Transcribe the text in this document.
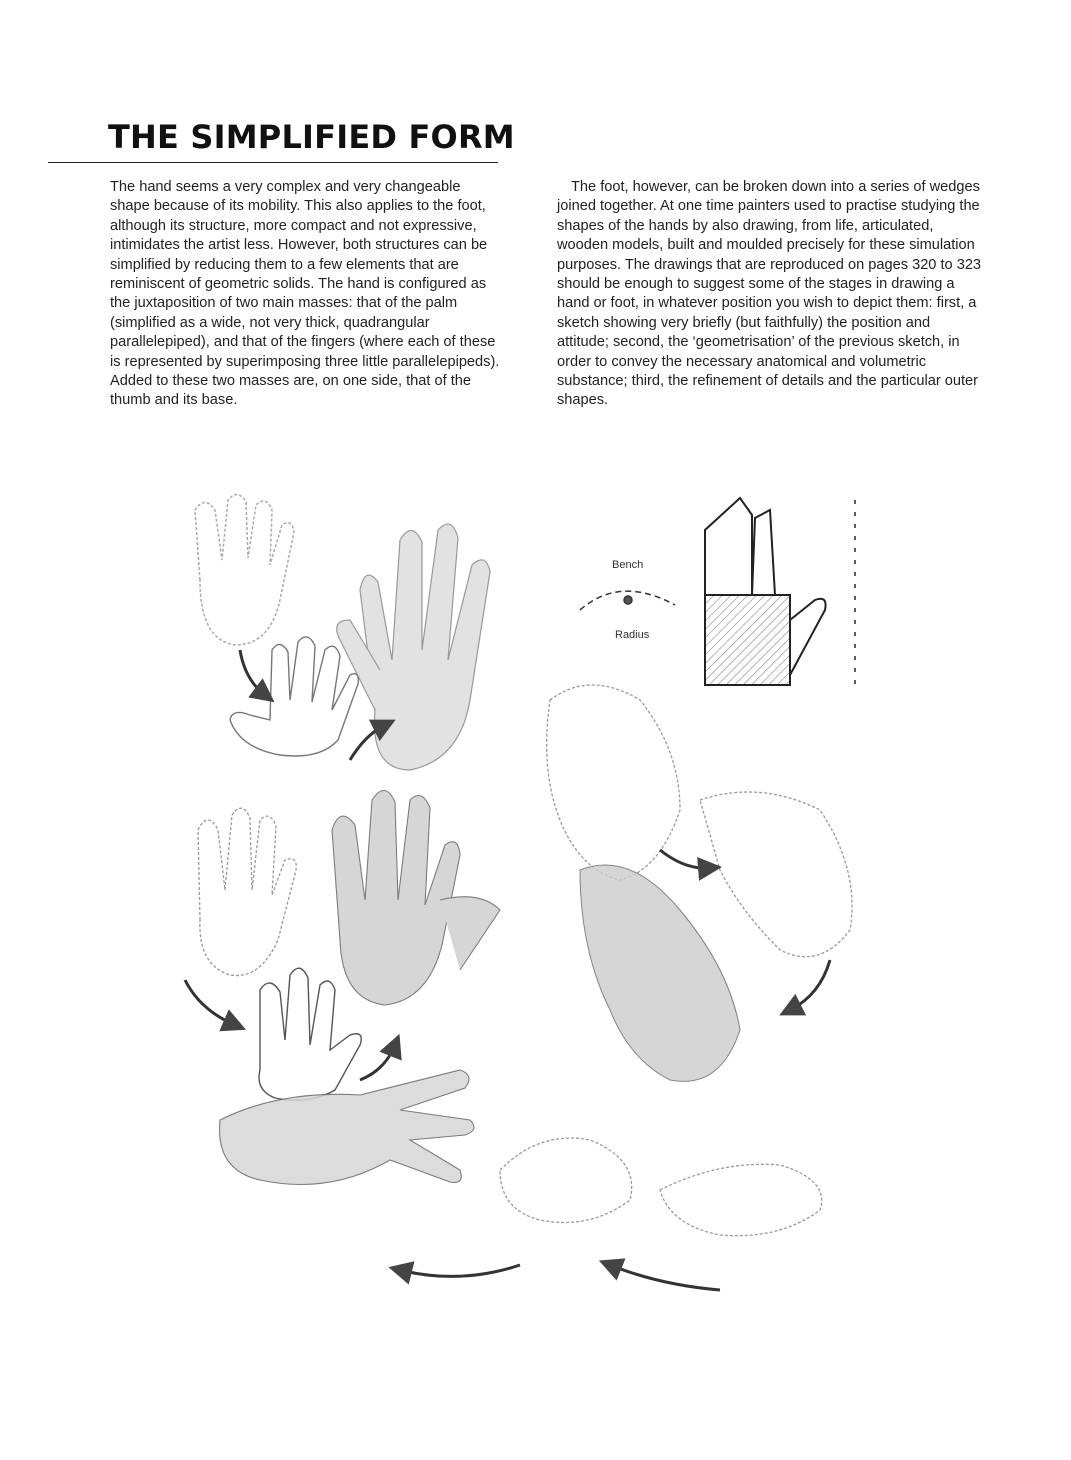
THE SIMPLIFIED FORM

The hand seems a very complex and very changeable shape because of its mobility. This also applies to the foot, although its structure, more compact and not expressive, intimidates the artist less. However, both structures can be simplified by reducing them to a few elements that are reminiscent of geometric solids. The hand is configured as the juxtaposition of two main masses: that of the palm (simplified as a wide, not very thick, quadrangular parallelepiped), and that of the fingers (where each of these is represented by superimposing three little parallelepipeds). Added to these two masses are, on one side, that of the thumb and its base.

The foot, however, can be broken down into a series of wedges joined together. At one time painters used to practise studying the shapes of the hands by also drawing, from life, articulated, wooden models, built and moulded precisely for these simulation purposes. The drawings that are reproduced on pages 320 to 323 should be enough to suggest some of the stages in drawing a hand or foot, in whatever position you wish to depict them: first, a sketch showing very briefly (but faithfully) the position and attitude; second, the ‘geometrisation’ of the previous sketch, in order to convey the necessary anatomical and volumetric substance; third, the refinement of details and the particular outer shapes.

Bench
Radius
